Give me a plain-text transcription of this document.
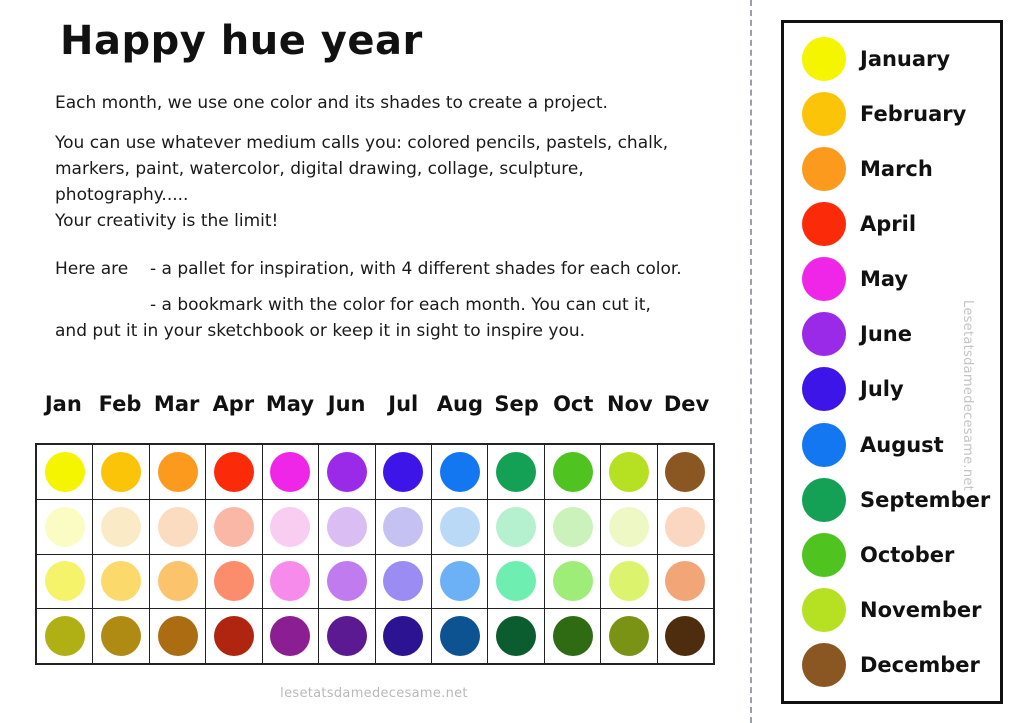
Happy hue year

Each month, we use one color and its shades to create a project.

You can use whatever medium calls you: colored pencils, pastels, chalk, markers, paint, watercolor, digital drawing, collage, sculpture, photography.....

Your creativity is the limit!

Here are	- a pallet for inspiration, with 4 different shades for each color.
- a bookmark with the color for each month. You can cut it,
and put it in your sketchbook or keep it in sight to inspire you.
Jan Feb Mar Apr May Jun	Jul Aug Sep Oct Nov Dev
lesetatsdamedecesame.net
January
February
March
April
May
June
July
August
September
October
November
December
Lesetatsdamedecesame.net
